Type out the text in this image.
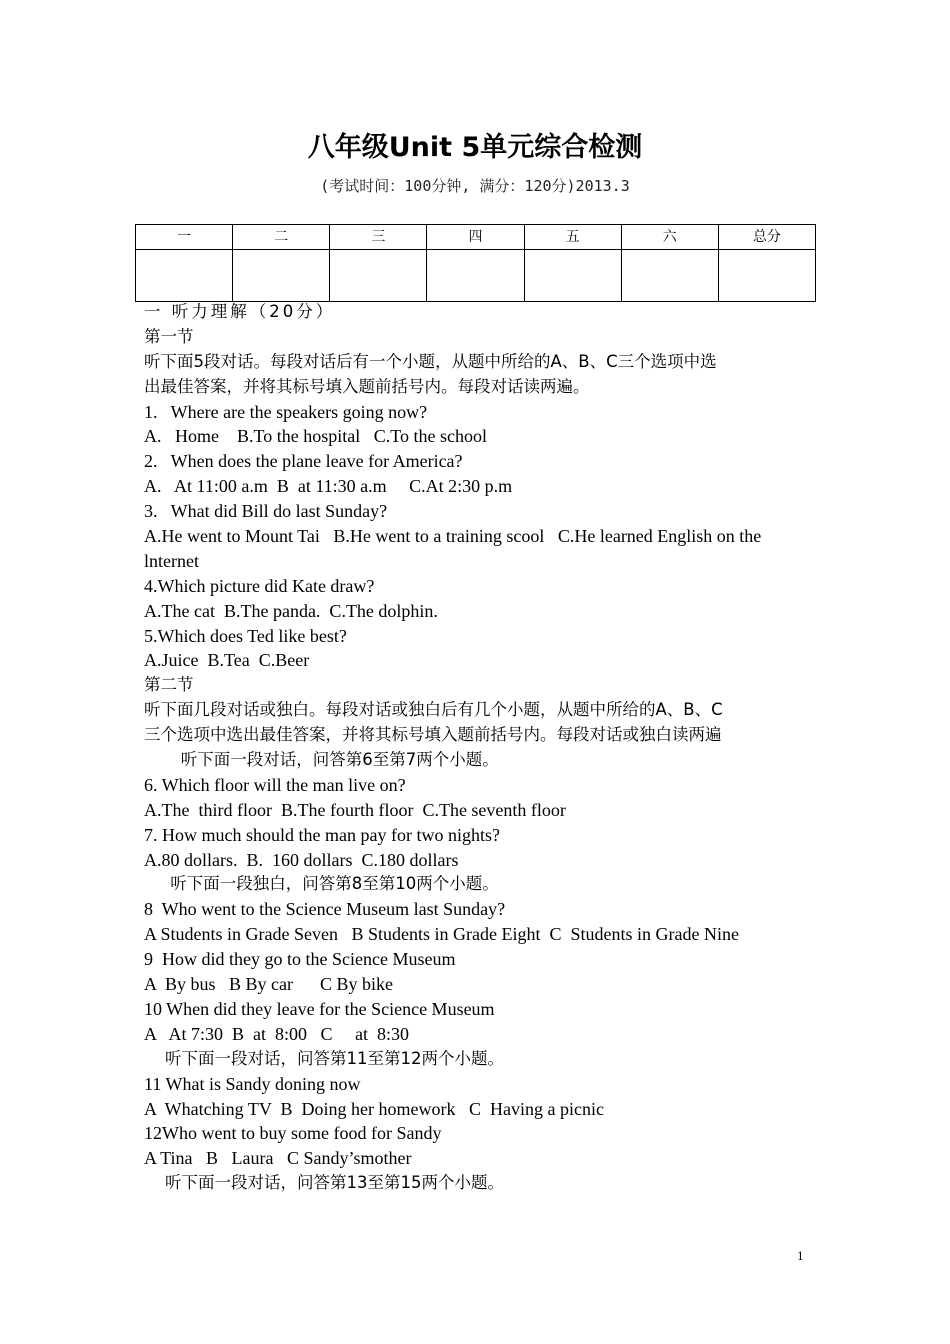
八年级Unit 5单元综合检测
(考试时间：100分钟, 满分：120分)2013.3
一	二	三	四	五	六	总分

一 听力理解（20分）
第一节
听下面5段对话。每段对话后有一个小题，从题中所给的A、B、C三个选项中选
出最佳答案，并将其标号填入题前括号内。每段对话读两遍。
1.   Where are the speakers going now?
A.   Home    B.To the hospital   C.To the school
2.   When does the plane leave for America?
A.   At 11:00 a.m  B  at 11:30 a.m     C.At 2:30 p.m
3.   What did Bill do last Sunday?
A.He went to Mount Tai   B.He went to a training scool   C.He learned English on the
lnternet
4.Which picture did Kate draw?
A.The cat  B.The panda.  C.The dolphin.
5.Which does Ted like best?
A.Juice  B.Tea  C.Beer
第二节
听下面几段对话或独白。每段对话或独白后有几个小题，从题中所给的A、B、C
三个选项中选出最佳答案，并将其标号填入题前括号内。每段对话或独白读两遍
听下面一段对话，问答第6至第7两个小题。
6. Which floor will the man live on?
A.The  third floor  B.The fourth floor  C.The seventh floor
7. How much should the man pay for two nights?
A.80 dollars.  B.  160 dollars  C.180 dollars
听下面一段独白，问答第8至第10两个小题。
8  Who went to the Science Museum last Sunday?
A Students in Grade Seven   B Students in Grade Eight  C  Students in Grade Nine
9  How did they go to the Science Museum
A  By bus   B By car      C By bike
10 When did they leave for the Science Museum
A   At 7:30  B  at  8:00   C     at  8:30
听下面一段对话，问答第11至第12两个小题。
11 What is Sandy doning now
A  Whatching TV  B  Doing her homework   C  Having a picnic
12Who went to buy some food for Sandy
A Tina   B   Laura   C Sandy’smother
听下面一段对话，问答第13至第15两个小题。
1
